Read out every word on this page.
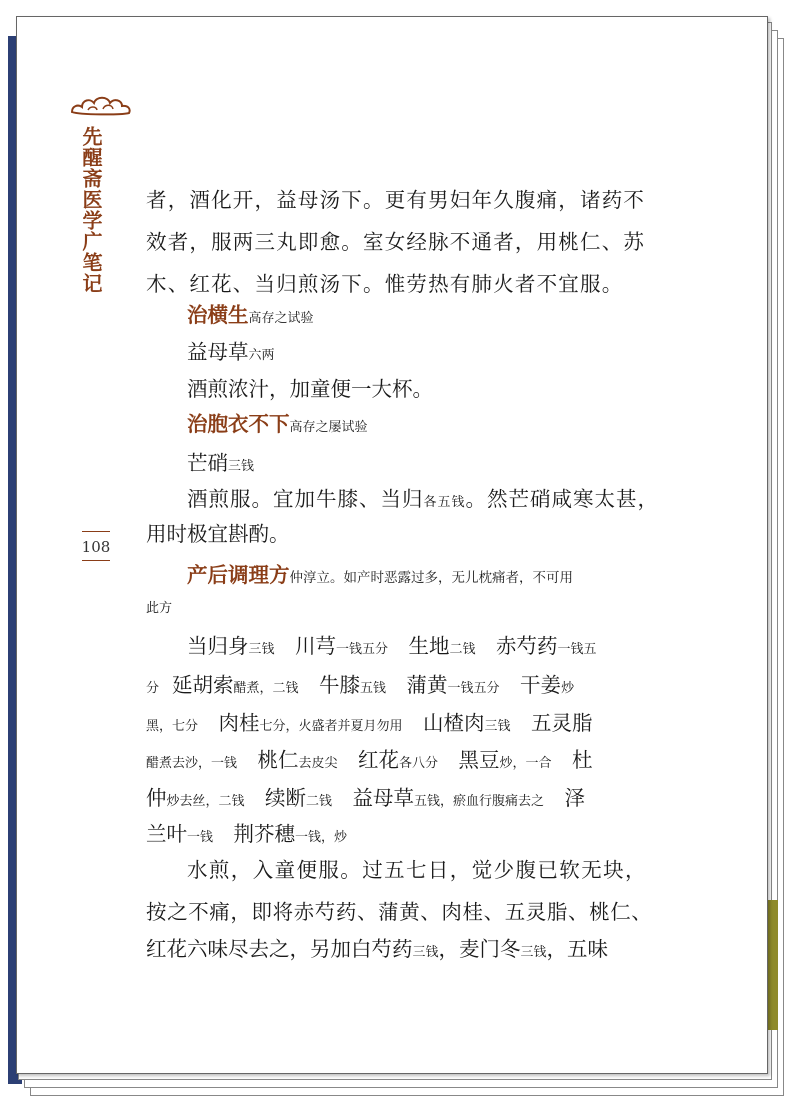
先醒斋医学广笔记
108
者，酒化开，益母汤下。更有男妇年久腹痛，诸药不
效者，服两三丸即愈。室女经脉不通者，用桃仁、苏
木、红花、当归煎汤下。惟劳热有肺火者不宜服。
治横生高存之试验
益母草六两
酒煎浓汁，加童便一大杯。
治胞衣不下高存之屡试验
芒硝三钱
酒煎服。宜加牛膝、当归各五钱。然芒硝咸寒太甚，
用时极宜斟酌。
产后调理方仲淳立。如产时恶露过多，无儿枕痛者，不可用
此方
当归身三钱　川芎一钱五分　生地二钱　赤芍药一钱五
分　延胡索醋煮，二钱　牛膝五钱　蒲黄一钱五分　干姜炒
黑，七分　肉桂七分，火盛者并夏月勿用　山楂肉三钱　五灵脂
醋煮去沙，一钱　桃仁去皮尖　红花各八分　黑豆炒，一合　杜
仲炒去丝，二钱　续断二钱　益母草五钱，瘀血行腹痛去之　泽
兰叶一钱　荆芥穗一钱，炒
水煎，入童便服。过五七日，觉少腹已软无块，
按之不痛，即将赤芍药、蒲黄、肉桂、五灵脂、桃仁、
红花六味尽去之，另加白芍药三钱，麦门冬三钱，五味
